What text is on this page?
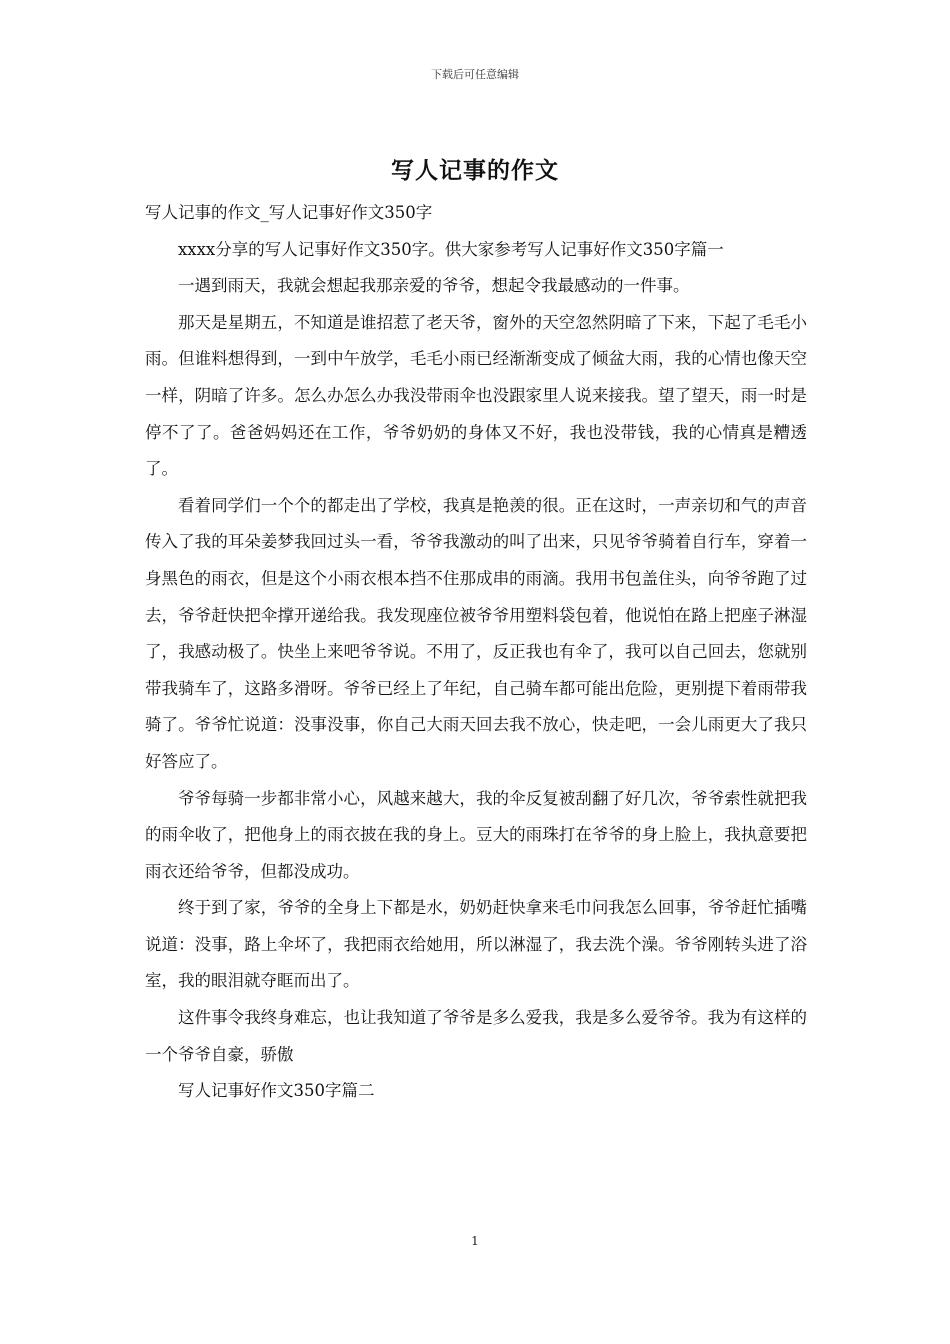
下载后可任意编辑
写人记事的作文

写人记事的作文_写人记事好作文350字

xxxx分享的写人记事好作文350字。供大家参考写人记事好作文350字篇一

一遇到雨天，我就会想起我那亲爱的爷爷，想起令我最感动的一件事。

那天是星期五，不知道是谁招惹了老天爷，窗外的天空忽然阴暗了下来，下起了毛毛小雨。但谁料想得到，一到中午放学，毛毛小雨已经渐渐变成了倾盆大雨，我的心情也像天空一样，阴暗了许多。怎么办怎么办我没带雨伞也没跟家里人说来接我。望了望天，雨一时是停不了了。爸爸妈妈还在工作，爷爷奶奶的身体又不好，我也没带钱，我的心情真是糟透了。

看着同学们一个个的都走出了学校，我真是艳羡的很。正在这时，一声亲切和气的声音传入了我的耳朵姜梦我回过头一看，爷爷我激动的叫了出来，只见爷爷骑着自行车，穿着一身黑色的雨衣，但是这个小雨衣根本挡不住那成串的雨滴。我用书包盖住头，向爷爷跑了过去，爷爷赶快把伞撑开递给我。我发现座位被爷爷用塑料袋包着，他说怕在路上把座子淋湿了，我感动极了。快坐上来吧爷爷说。不用了，反正我也有伞了，我可以自己回去，您就别带我骑车了，这路多滑呀。爷爷已经上了年纪，自己骑车都可能出危险，更别提下着雨带我骑了。爷爷忙说道：没事没事，你自己大雨天回去我不放心，快走吧，一会儿雨更大了我只好答应了。

爷爷每骑一步都非常小心，风越来越大，我的伞反复被刮翻了好几次，爷爷索性就把我的雨伞收了，把他身上的雨衣披在我的身上。豆大的雨珠打在爷爷的身上脸上，我执意要把雨衣还给爷爷，但都没成功。

终于到了家，爷爷的全身上下都是水，奶奶赶快拿来毛巾问我怎么回事，爷爷赶忙插嘴说道：没事，路上伞坏了，我把雨衣给她用，所以淋湿了，我去洗个澡。爷爷刚转头进了浴室，我的眼泪就夺眶而出了。

这件事令我终身难忘，也让我知道了爷爷是多么爱我，我是多么爱爷爷。我为有这样的一个爷爷自豪，骄傲

写人记事好作文350字篇二

1
